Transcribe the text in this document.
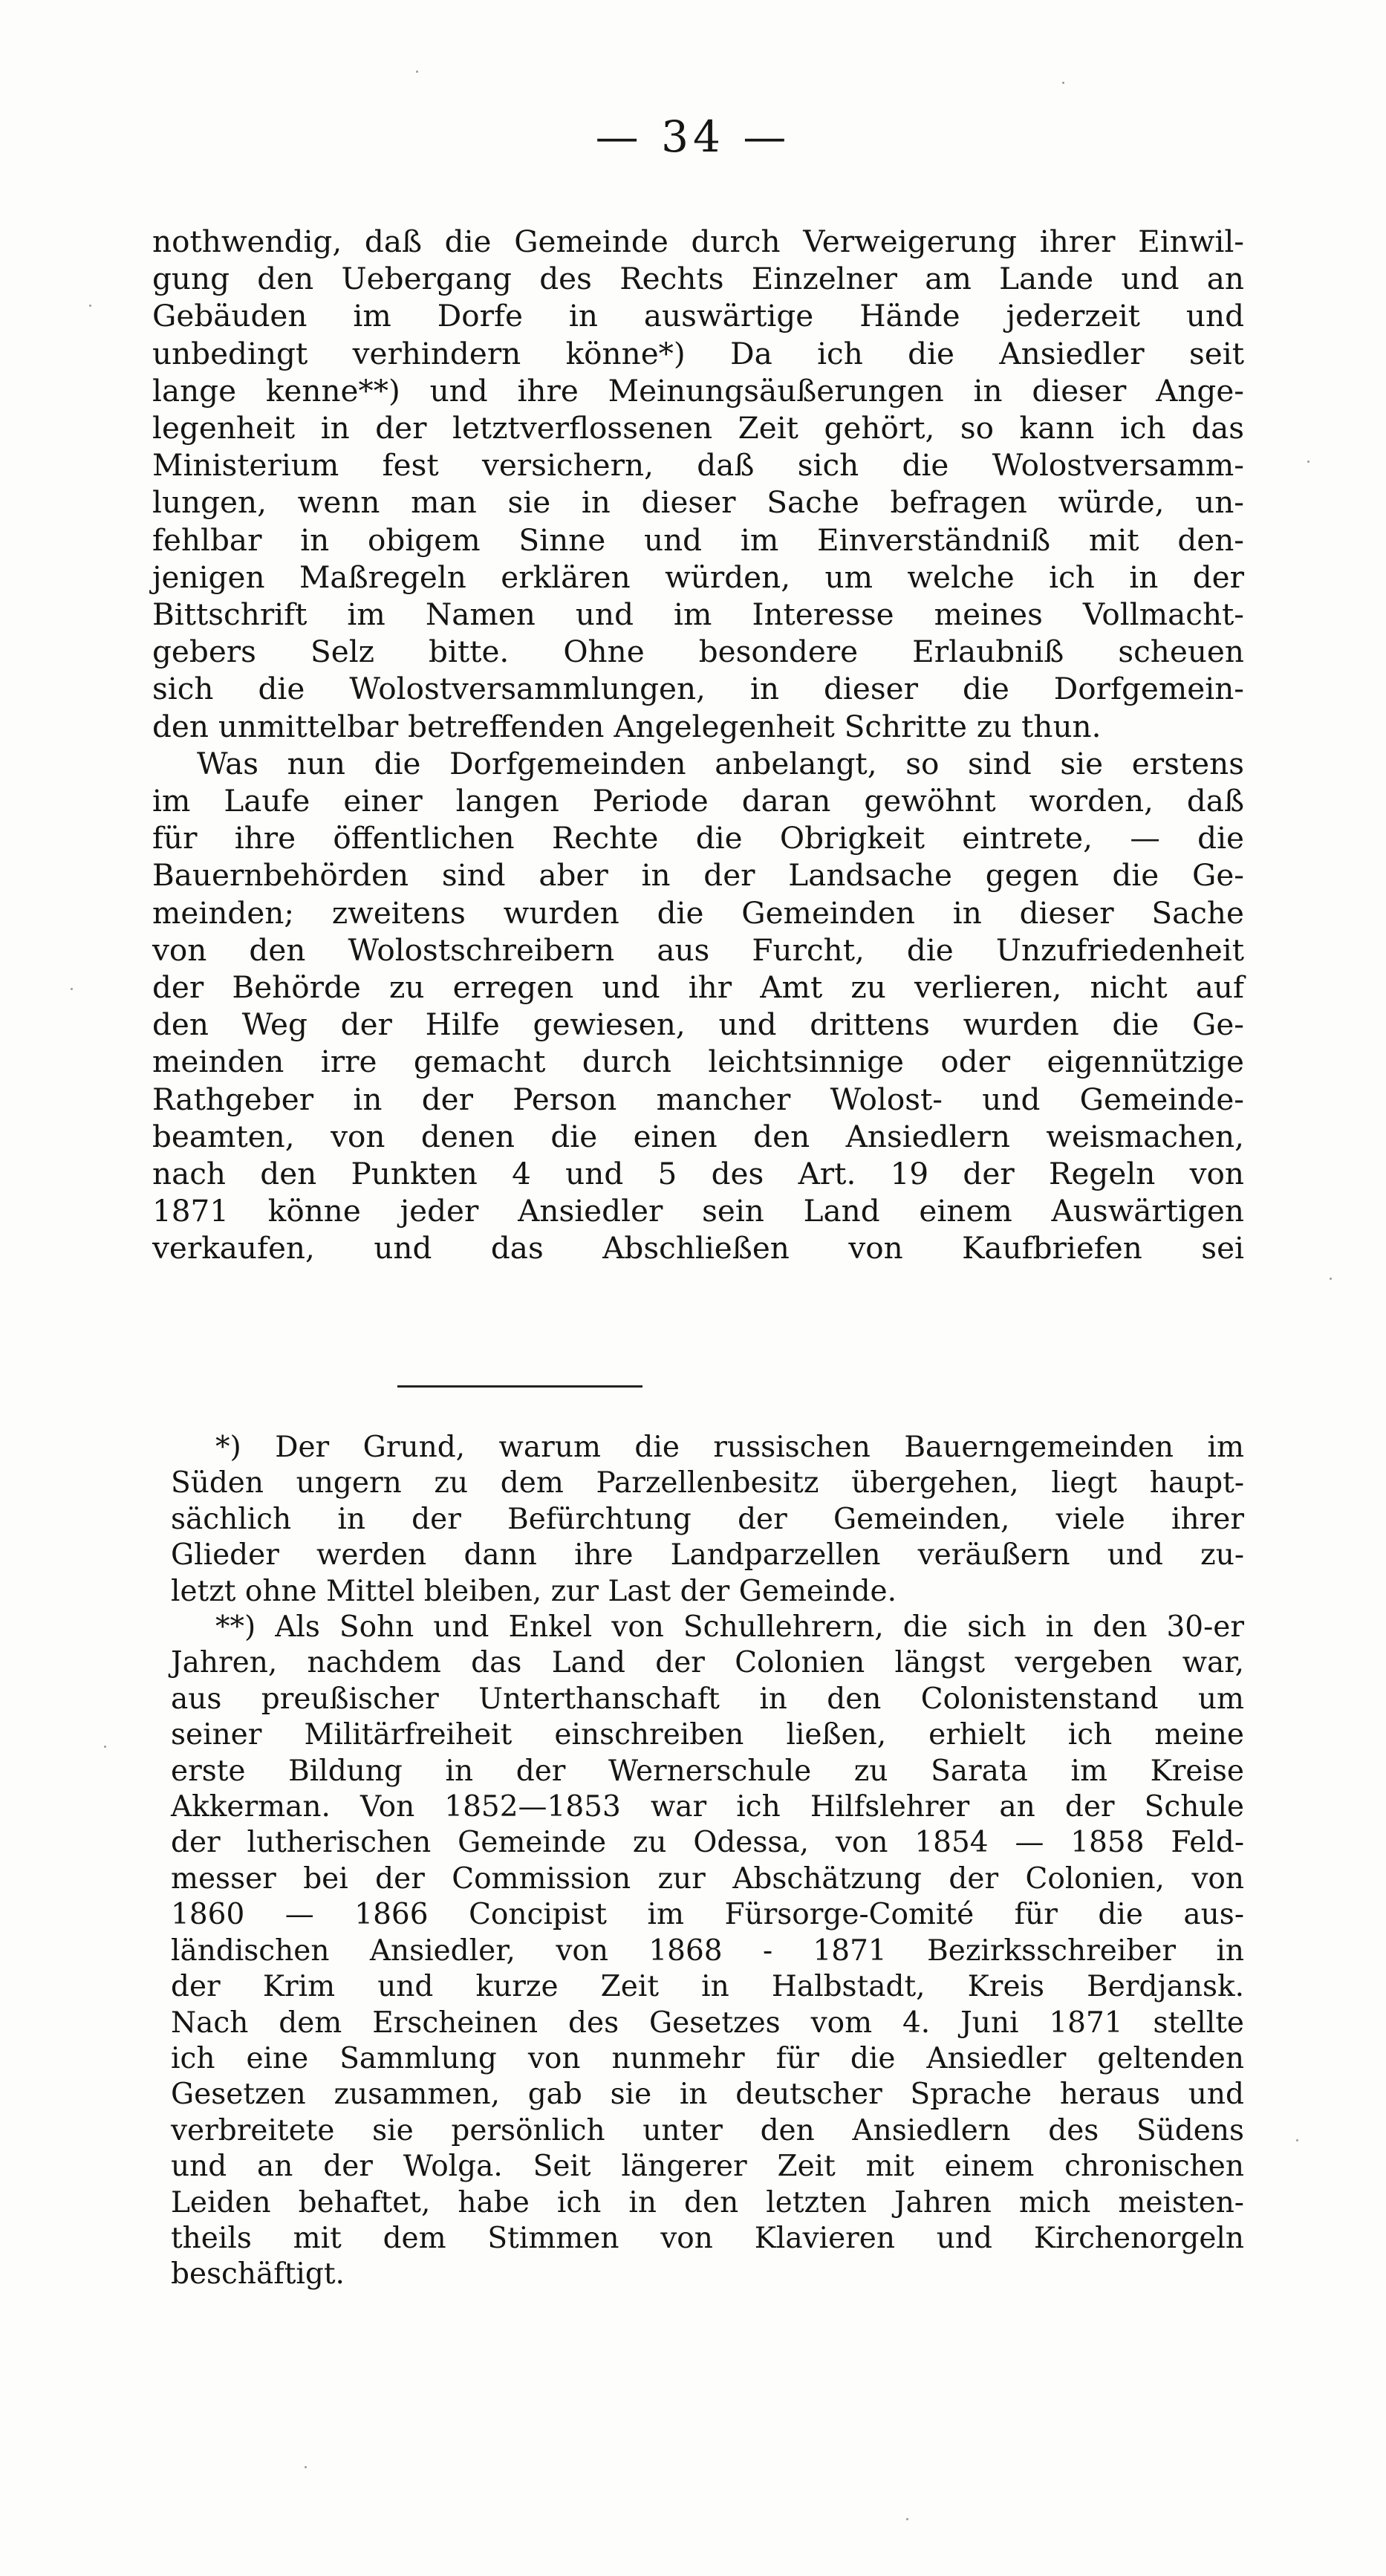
— 34 —
nothwendig, daß die Gemeinde durch Verweigerung ihrer Einwil-
gung den Uebergang des Rechts Einzelner am Lande und an
Gebäuden im Dorfe in auswärtige Hände jederzeit und
unbedingt verhindern könne*) Da ich die Ansiedler seit
lange kenne**) und ihre Meinungsäußerungen in dieser Ange-
legenheit in der letztverflossenen Zeit gehört, so kann ich das
Ministerium fest versichern, daß sich die Wolostversamm-
lungen, wenn man sie in dieser Sache befragen würde, un-
fehlbar in obigem Sinne und im Einverständniß mit den-
jenigen Maßregeln erklären würden, um welche ich in der
Bittschrift im Namen und im Interesse meines Vollmacht-
gebers Selz bitte. Ohne besondere Erlaubniß scheuen
sich die Wolostversammlungen, in dieser die Dorfgemein-
den unmittelbar betreffenden Angelegenheit Schritte zu thun.
Was nun die Dorfgemeinden anbelangt, so sind sie erstens
im Laufe einer langen Periode daran gewöhnt worden, daß
für ihre öffentlichen Rechte die Obrigkeit eintrete, — die
Bauernbehörden sind aber in der Landsache gegen die Ge-
meinden; zweitens wurden die Gemeinden in dieser Sache
von den Wolostschreibern aus Furcht, die Unzufriedenheit
der Behörde zu erregen und ihr Amt zu verlieren, nicht auf
den Weg der Hilfe gewiesen, und drittens wurden die Ge-
meinden irre gemacht durch leichtsinnige oder eigennützige
Rathgeber in der Person mancher Wolost- und Gemeinde-
beamten, von denen die einen den Ansiedlern weismachen,
nach den Punkten 4 und 5 des Art. 19 der Regeln von
1871 könne jeder Ansiedler sein Land einem Auswärtigen
verkaufen, und das Abschließen von Kaufbriefen sei
*) Der Grund, warum die russischen Bauerngemeinden im
Süden ungern zu dem Parzellenbesitz übergehen, liegt haupt-
sächlich in der Befürchtung der Gemeinden, viele ihrer
Glieder werden dann ihre Landparzellen veräußern und zu-
letzt ohne Mittel bleiben, zur Last der Gemeinde.
**) Als Sohn und Enkel von Schullehrern, die sich in den 30-er
Jahren, nachdem das Land der Colonien längst vergeben war,
aus preußischer Unterthanschaft in den Colonistenstand um
seiner Militärfreiheit einschreiben ließen, erhielt ich meine
erste Bildung in der Wernerschule zu Sarata im Kreise
Akkerman. Von 1852—1853 war ich Hilfslehrer an der Schule
der lutherischen Gemeinde zu Odessa, von 1854 — 1858 Feld-
messer bei der Commission zur Abschätzung der Colonien, von
1860 — 1866 Concipist im Fürsorge-Comité für die aus-
ländischen Ansiedler, von 1868 - 1871 Bezirksschreiber in
der Krim und kurze Zeit in Halbstadt, Kreis Berdjansk.
Nach dem Erscheinen des Gesetzes vom 4. Juni 1871 stellte
ich eine Sammlung von nunmehr für die Ansiedler geltenden
Gesetzen zusammen, gab sie in deutscher Sprache heraus und
verbreitete sie persönlich unter den Ansiedlern des Südens
und an der Wolga. Seit längerer Zeit mit einem chronischen
Leiden behaftet, habe ich in den letzten Jahren mich meisten-
theils mit dem Stimmen von Klavieren und Kirchenorgeln
beschäftigt.
